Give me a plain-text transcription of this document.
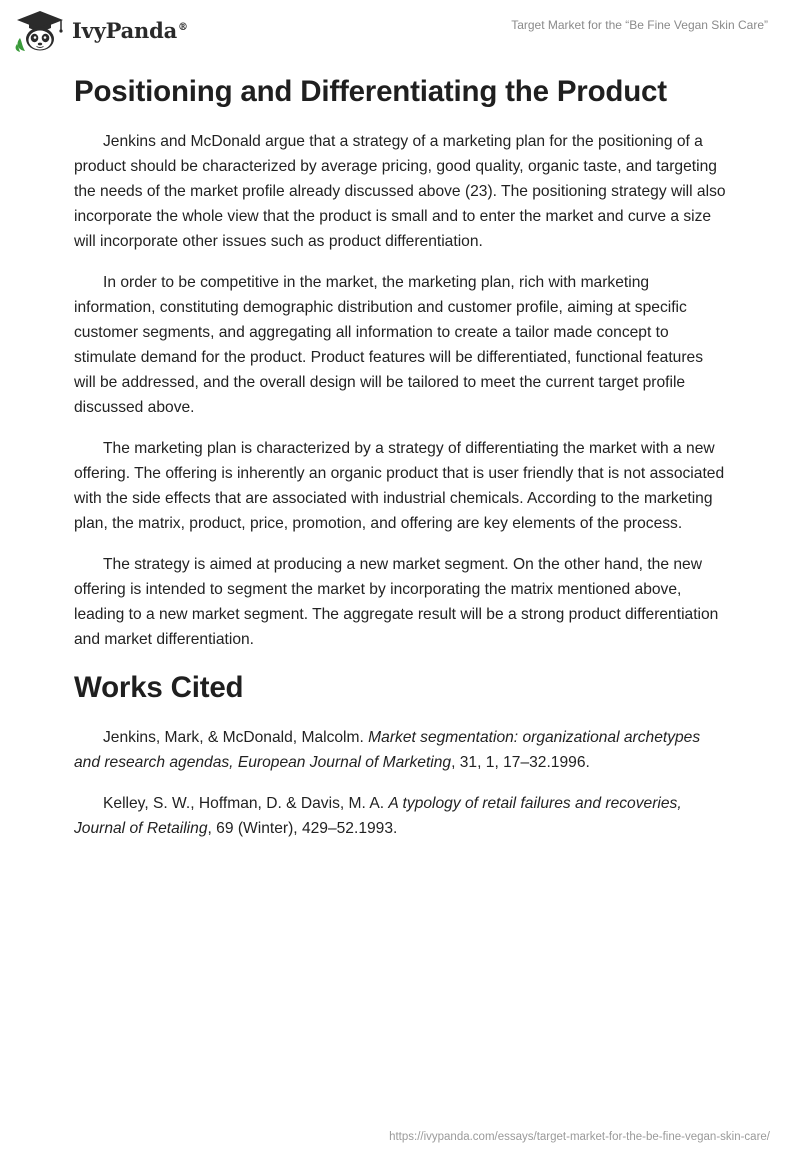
IvyPanda®	Target Market for the “Be Fine Vegan Skin Care”
Positioning and Differentiating the Product

Jenkins and McDonald argue that a strategy of a marketing plan for the positioning of a product should be characterized by average pricing, good quality, organic taste, and targeting the needs of the market profile already discussed above (23). The positioning strategy will also incorporate the whole view that the product is small and to enter the market and curve a size will incorporate other issues such as product differentiation.

In order to be competitive in the market, the marketing plan, rich with marketing information, constituting demographic distribution and customer profile, aiming at specific customer segments, and aggregating all information to create a tailor made concept to stimulate demand for the product. Product features will be differentiated, functional features will be addressed, and the overall design will be tailored to meet the current target profile discussed above.

The marketing plan is characterized by a strategy of differentiating the market with a new offering. The offering is inherently an organic product that is user friendly that is not associated with the side effects that are associated with industrial chemicals. According to the marketing plan, the matrix, product, price, promotion, and offering are key elements of the process.

The strategy is aimed at producing a new market segment. On the other hand, the new offering is intended to segment the market by incorporating the matrix mentioned above, leading to a new market segment. The aggregate result will be a strong product differentiation and market differentiation.

Works Cited

Jenkins, Mark, & McDonald, Malcolm. Market segmentation: organizational archetypes and research agendas, European Journal of Marketing, 31, 1, 17–32.1996.

Kelley, S. W., Hoffman, D. & Davis, M. A. A typology of retail failures and recoveries, Journal of Retailing, 69 (Winter), 429–52.1993.

https://ivypanda.com/essays/target-market-for-the-be-fine-vegan-skin-care/
